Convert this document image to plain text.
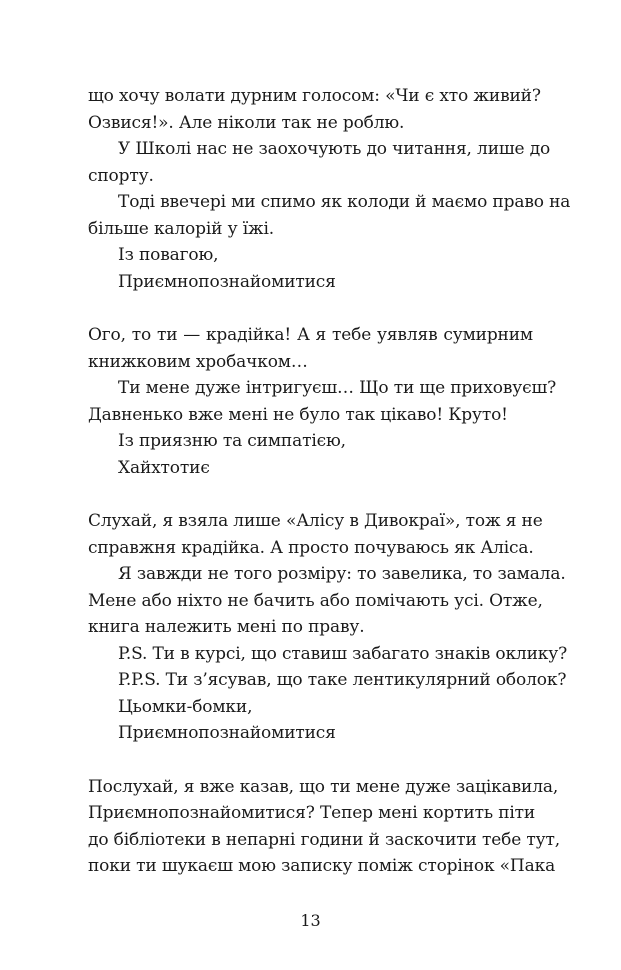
що хочу волати дурним голосом: «Чи є хто живий?
Озвися!». Але ніколи так не роблю.
У Школі нас не заохочують до читання, лише до
спорту.
Тоді ввечері ми спимо як колоди й маємо право на
більше калорій у їжі.
Із повагою,
Приємнопознайомитися
Ого, то ти — крадійка! А я тебе уявляв сумирним
книжковим хробачком…
Ти мене дуже інтригуєш… Що ти ще приховуєш?
Давненько вже мені не було так цікаво! Круто!
Із приязню та симпатією,
Хайхтотиє
Слухай, я взяла лише «Алісу в Дивокраї», тож я не
справжня крадійка. А просто почуваюсь як Аліса.
Я завжди не того розміру: то завелика, то замала.
Мене або ніхто не бачить або помічають усі. Отже,
книга належить мені по праву.
P.S. Ти в курсі, що ставиш забагато знаків оклику?
P.P.S. Ти з’ясував, що таке лентикулярний оболок?
Цьомки-бомки,
Приємнопознайомитися
Послухай, я вже казав, що ти мене дуже зацікавила,
Приємнопознайомитися? Тепер мені кортить піти
до бібліотеки в непарні години й заскочити тебе тут,
поки ти шукаєш мою записку поміж сторінок «Пака
13
